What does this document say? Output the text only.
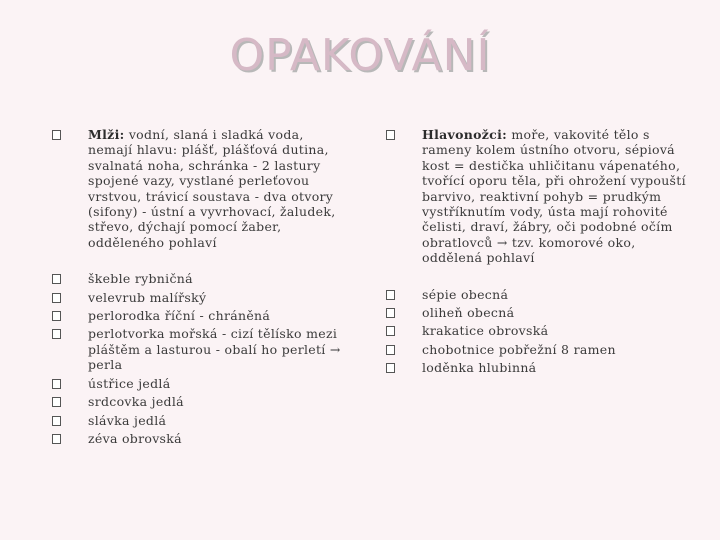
OPAKOVÁNÍ
Mlži: vodní, slaná i sladká voda, nemají hlavu: plášť, plášťová dutina, svalnatá noha, schránka - 2 lastury spojené vazy, vystlané perleťovou vrstvou, trávicí soustava - dva otvory (sifony) - ústní a vyvrhovací, žaludek, střevo, dýchají pomocí žaber, odděleného pohlaví
škeble rybničná
velevrub malířský
perlorodka říční - chráněná
perlotvorka mořská - cizí tělísko mezi pláštěm a lasturou - obalí ho perletí → perla
ústřice jedlá
srdcovka jedlá
slávka jedlá
zéva obrovská
Hlavonožci: moře, vakovité tělo s rameny kolem ústního otvoru, sépiová kost = destička uhličitanu vápenatého, tvořící oporu těla, při ohrožení vypouští barvivo, reaktivní pohyb = prudkým vystříknutím vody, ústa mají rohovité čelisti, draví, žábry, oči podobné očím obratlovců → tzv. komorové oko, oddělená pohlaví
sépie obecná
oliheň obecná
krakatice obrovská
chobotnice pobřežní 8 ramen
loděnka hlubinná
